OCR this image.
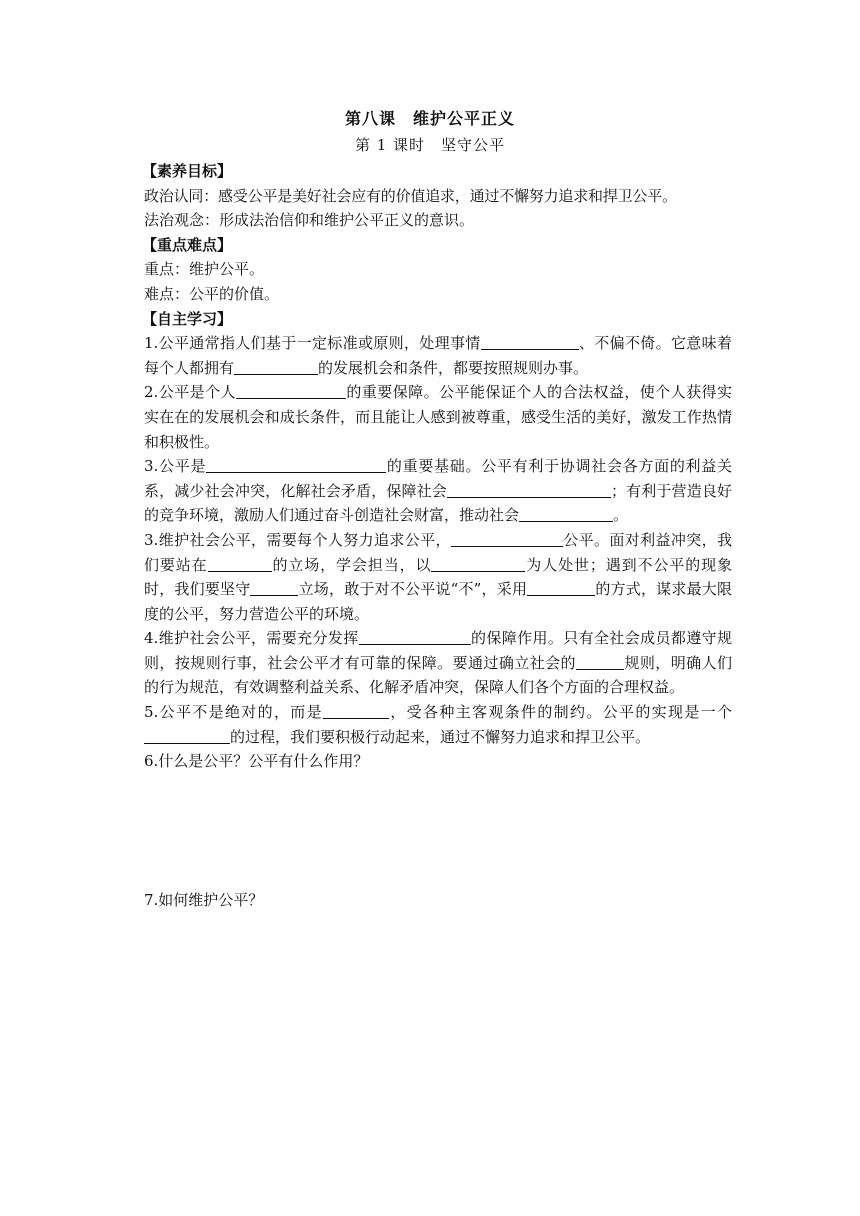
第八课　维护公平正义
第 1 课时　坚守公平

【素养目标】

政治认同：感受公平是美好社会应有的价值追求，通过不懈努力追求和捍卫公平。

法治观念：形成法治信仰和维护公平正义的意识。

【重点难点】

重点：维护公平。

难点：公平的价值。

【自主学习】

1.公平通常指人们基于一定标准或原则，处理事情	、不偏不倚。它意味着每个人都拥有	的发展机会和条件，都要按照规则办事。

2.公平是个人	的重要保障。公平能保证个人的合法权益，使个人获得实实在在的发展机会和成长条件，而且能让人感到被尊重，感受生活的美好，激发工作热情和积极性。

3.公平是	的重要基础。公平有利于协调社会各方面的利益关系，减少社会冲突，化解社会矛盾，保障社会	；有利于营造良好的竞争环境，激励人们通过奋斗创造社会财富，推动社会	。

3.维护社会公平，需要每个人努力追求公平，	公平。面对利益冲突，我们要站在	的立场，学会担当，以	为人处世；遇到不公平的现象时，我们要坚守	立场，敢于对不公平说“不”，采用	的方式，谋求最大限度的公平，努力营造公平的环境。

4.维护社会公平，需要充分发挥	的保障作用。只有全社会成员都遵守规则，按规则行事，社会公平才有可靠的保障。要通过确立社会的	规则，明确人们的行为规范，有效调整利益关系、化解矛盾冲突，保障人们各个方面的合理权益。

5.公平不是绝对的，而是	，受各种主客观条件的制约。公平的实现是一个的过程，我们要积极行动起来，通过不懈努力追求和捍卫公平。

6.什么是公平？公平有什么作用？

7.如何维护公平？
